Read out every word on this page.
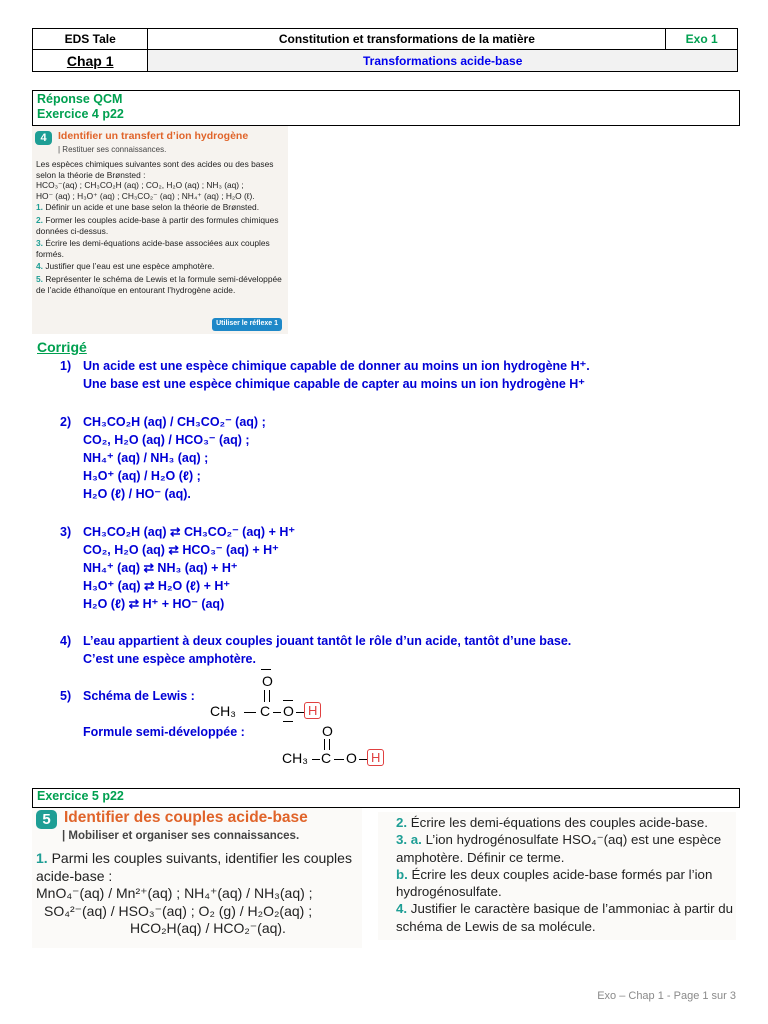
EDS Tale	Constitution et transformations de la matière	Exo 1
Chap 1	Transformations acide-base	
Réponse QCM
Exercice 4 p22
4	Identifier un transfert d’ion hydrogène
| Restituer ses connaissances.
Les espèces chimiques suivantes sont des acides ou des bases selon la théorie de Brønsted :
HCO₃⁻(aq) ; CH₃CO₂H (aq) ; CO₂, H₂O (aq) ; NH₃ (aq) ;
HO⁻ (aq) ; H₃O⁺ (aq) ; CH₃CO₂⁻ (aq) ; NH₄⁺ (aq) ; H₂O (ℓ).
1. Définir un acide et une base selon la théorie de Brønsted.
2. Former les couples acide-base à partir des formules chimiques données ci-dessus.
3. Écrire les demi-équations acide-base associées aux couples formés.
4. Justifier que l’eau est une espèce amphotère.
5. Représenter le schéma de Lewis et la formule semi-développée de l’acide éthanoïque en entourant l’hydrogène acide.
Utiliser le réflexe 1
Corrigé
1) Un acide est une espèce chimique capable de donner au moins un ion hydrogène H⁺.
Une base est une espèce chimique capable de capter au moins un ion hydrogène H⁺
2) CH₃CO₂H (aq) / CH₃CO₂⁻ (aq) ;
CO₂, H₂O (aq) / HCO₃⁻ (aq) ;
NH₄⁺ (aq) / NH₃ (aq) ;
H₃O⁺ (aq) / H₂O (ℓ) ;
H₂O (ℓ) / HO⁻ (aq).
3) CH₃CO₂H (aq) ⇄ CH₃CO₂⁻ (aq) + H⁺
CO₂, H₂O (aq) ⇄ HCO₃⁻ (aq) + H⁺
NH₄⁺ (aq) ⇄ NH₃ (aq) + H⁺
H₃O⁺ (aq) ⇄ H₂O (ℓ) + H⁺
H₂O (ℓ) ⇄ H⁺ + HO⁻ (aq)
4) L’eau appartient à deux couples jouant tantôt le rôle d’un acide, tantôt d’une base.
C’est une espèce amphotère.
5) Schéma de Lewis :
Formule semi-développée :
O
CH₃ C O	H
O
CH₃ C O	H
Exercice 5 p22
5 Identifier des couples acide-base
| Mobiliser et organiser ses connaissances.
1. Parmi les couples suivants, identifier les couples acide-base :
MnO₄⁻(aq) / Mn²⁺(aq) ; NH₄⁺(aq) / NH₃(aq) ;
SO₄²⁻(aq) / HSO₃⁻(aq) ; O₂ (g) / H₂O₂(aq) ;
HCO₂H(aq) / HCO₂⁻(aq).
2. Écrire les demi-équations des couples acide-base.
3. a. L’ion hydrogénosulfate HSO₄⁻(aq) est une espèce amphotère. Définir ce terme.
b. Écrire les deux couples acide-base formés par l’ion hydrogénosulfate.
4. Justifier le caractère basique de l’ammoniac à partir du schéma de Lewis de sa molécule.
Exo – Chap 1 - Page 1 sur 3
